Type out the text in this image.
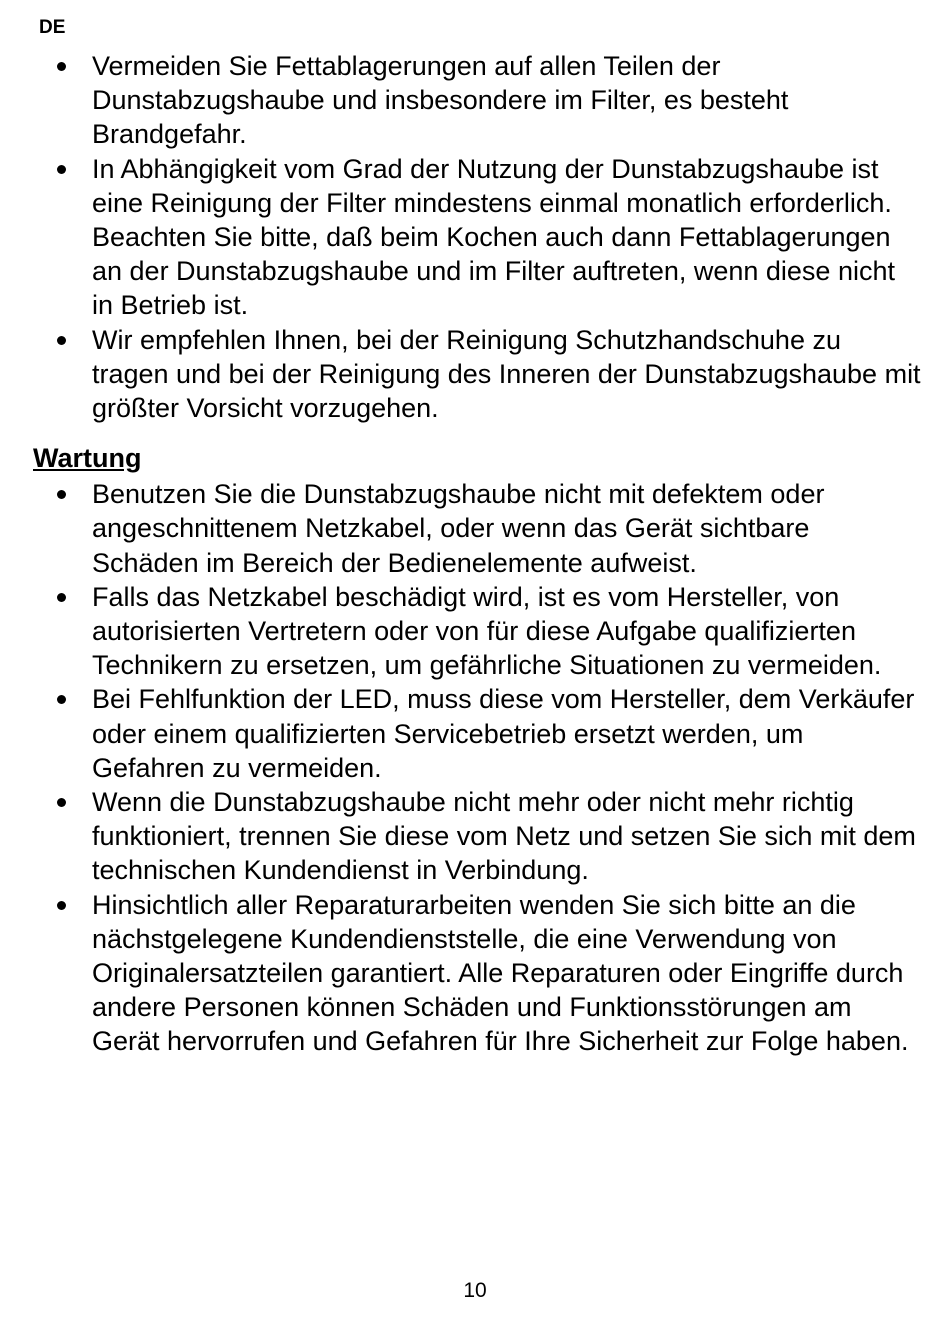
DE
Vermeiden Sie Fettablagerungen auf allen Teilen der Dunstabzugshaube und insbesondere im Filter, es besteht Brandgefahr.
In Abhängigkeit vom Grad der Nutzung der Dunstabzugshaube ist eine Reinigung der Filter mindestens einmal monatlich erforderlich. Beachten Sie bitte, daß beim Kochen auch dann Fettablagerungen an der Dunstabzugshaube und im Filter auftreten, wenn diese nicht in Betrieb ist.
Wir empfehlen Ihnen, bei der Reinigung Schutzhandschuhe zu tragen und bei der Reinigung des Inneren der Dunstabzugshaube mit größter Vorsicht vorzugehen.
Wartung
Benutzen Sie die Dunstabzugshaube nicht mit defektem oder angeschnittenem Netzkabel, oder wenn das Gerät sichtbare Schäden im Bereich der Bedienelemente aufweist.
Falls das Netzkabel beschädigt wird, ist es vom Hersteller, von autorisierten Vertretern oder von für diese Aufgabe qualifizierten Technikern zu ersetzen, um gefährliche Situationen zu vermeiden.
Bei Fehlfunktion der LED, muss diese vom Hersteller, dem Verkäufer oder einem qualifizierten Servicebetrieb ersetzt werden, um Gefahren zu vermeiden.
Wenn die Dunstabzugshaube nicht mehr oder nicht mehr richtig funktioniert, trennen Sie diese vom Netz und setzen Sie sich mit dem technischen Kundendienst in Verbindung.
Hinsichtlich aller Reparaturarbeiten wenden Sie sich bitte an die nächstgelegene Kundendienststelle, die eine Verwendung von Originalersatzteilen garantiert. Alle Reparaturen oder Eingriffe durch andere Personen können Schäden und Funktionsstörungen am Gerät hervorrufen und Gefahren für Ihre Sicherheit zur Folge haben.
10
